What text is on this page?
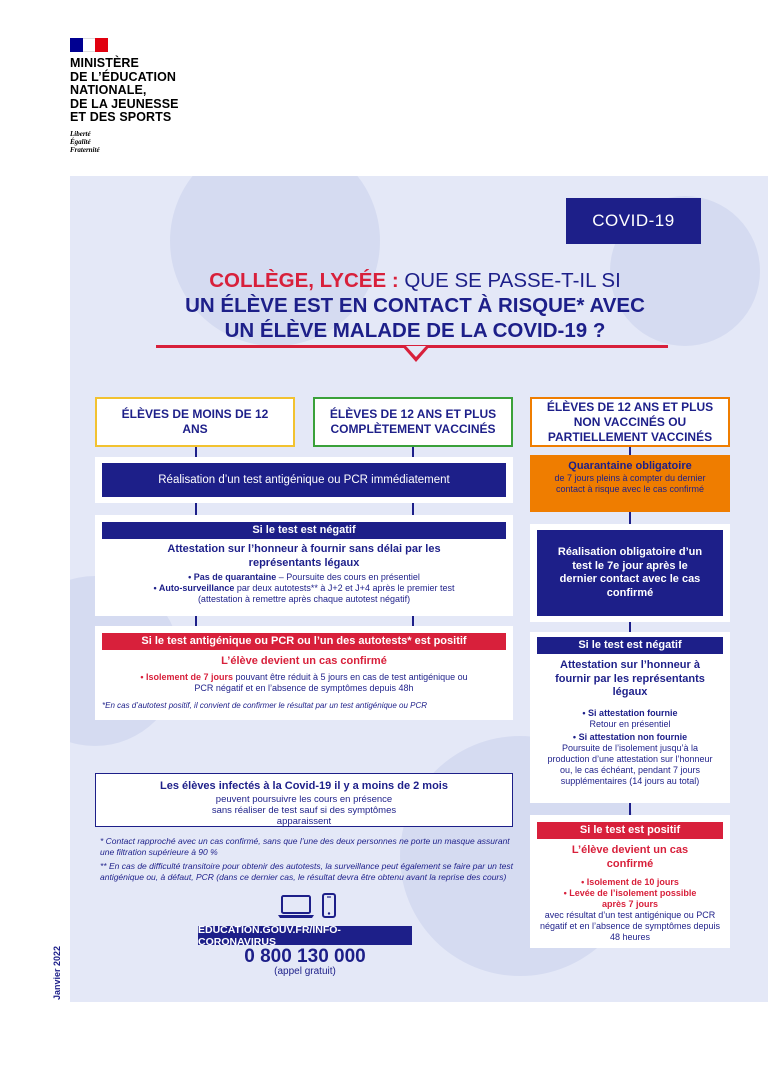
MINISTÈRE
DE L’ÉDUCATION
NATIONALE,
DE LA JEUNESSE
ET DES SPORTS
Liberté
Égalité
Fraternité
COVID-19
COLLÈGE, LYCÉE : QUE SE PASSE-T-IL SI
UN ÉLÈVE EST EN CONTACT À RISQUE* AVEC
UN ÉLÈVE MALADE DE LA COVID-19 ?
ÉLÈVES DE MOINS DE 12 ANS
ÉLÈVES DE 12 ANS ET PLUS COMPLÈTEMENT VACCINÉS
ÉLÈVES DE 12 ANS ET PLUS NON VACCINÉS OU PARTIELLEMENT VACCINÉS
Réalisation d’un test antigénique ou PCR immédiatement
Si le test est négatif
Attestation sur l’honneur à fournir sans délai par les représentants légaux
• Pas de quarantaine – Poursuite des cours en présentiel
• Auto-surveillance par deux autotests** à J+2 et J+4 après le premier test
(attestation à remettre après chaque autotest négatif)
Si le test antigénique ou PCR ou l’un des autotests* est positif
L’élève devient un cas confirmé
• Isolement de 7 jours pouvant être réduit à 5 jours en cas de test antigénique ou PCR négatif et en l’absence de symptômes depuis 48h
*En cas d’autotest positif, il convient de confirmer le résultat par un test antigénique ou PCR
Les élèves infectés à la Covid-19 il y a moins de 2 mois
peuvent poursuivre les cours en présence sans réaliser de test sauf si des symptômes apparaissent

* Contact rapproché avec un cas confirmé, sans que l’une des deux personnes ne porte un masque assurant une filtration supérieure à 90 %

** En cas de difficulté transitoire pour obtenir des autotests, la surveillance peut également se faire par un test antigénique ou, à défaut, PCR (dans ce dernier cas, le résultat devra être obtenu avant la reprise des cours)

EDUCATION.GOUV.FR/INFO-CORONAVIRUS
0 800 130 000
(appel gratuit)
Janvier 2022
Quarantaine obligatoire
de 7 jours pleins à compter du dernier contact à risque avec le cas confirmé
Réalisation obligatoire d’un test le 7e jour après le dernier contact avec le cas confirmé
Si le test est négatif
Attestation sur l’honneur à fournir par les représentants légaux
• Si attestation fournie
Retour en présentiel
• Si attestation non fournie
Poursuite de l’isolement jusqu’à la production d’une attestation sur l’honneur ou, le cas échéant, pendant 7 jours supplémentaires (14 jours au total)
Si le test est positif
L’élève devient un cas confirmé
• Isolement de 10 jours
• Levée de l’isolement possible après 7 jours
avec résultat d’un test antigénique ou PCR négatif et en l’absence de symptômes depuis 48 heures
